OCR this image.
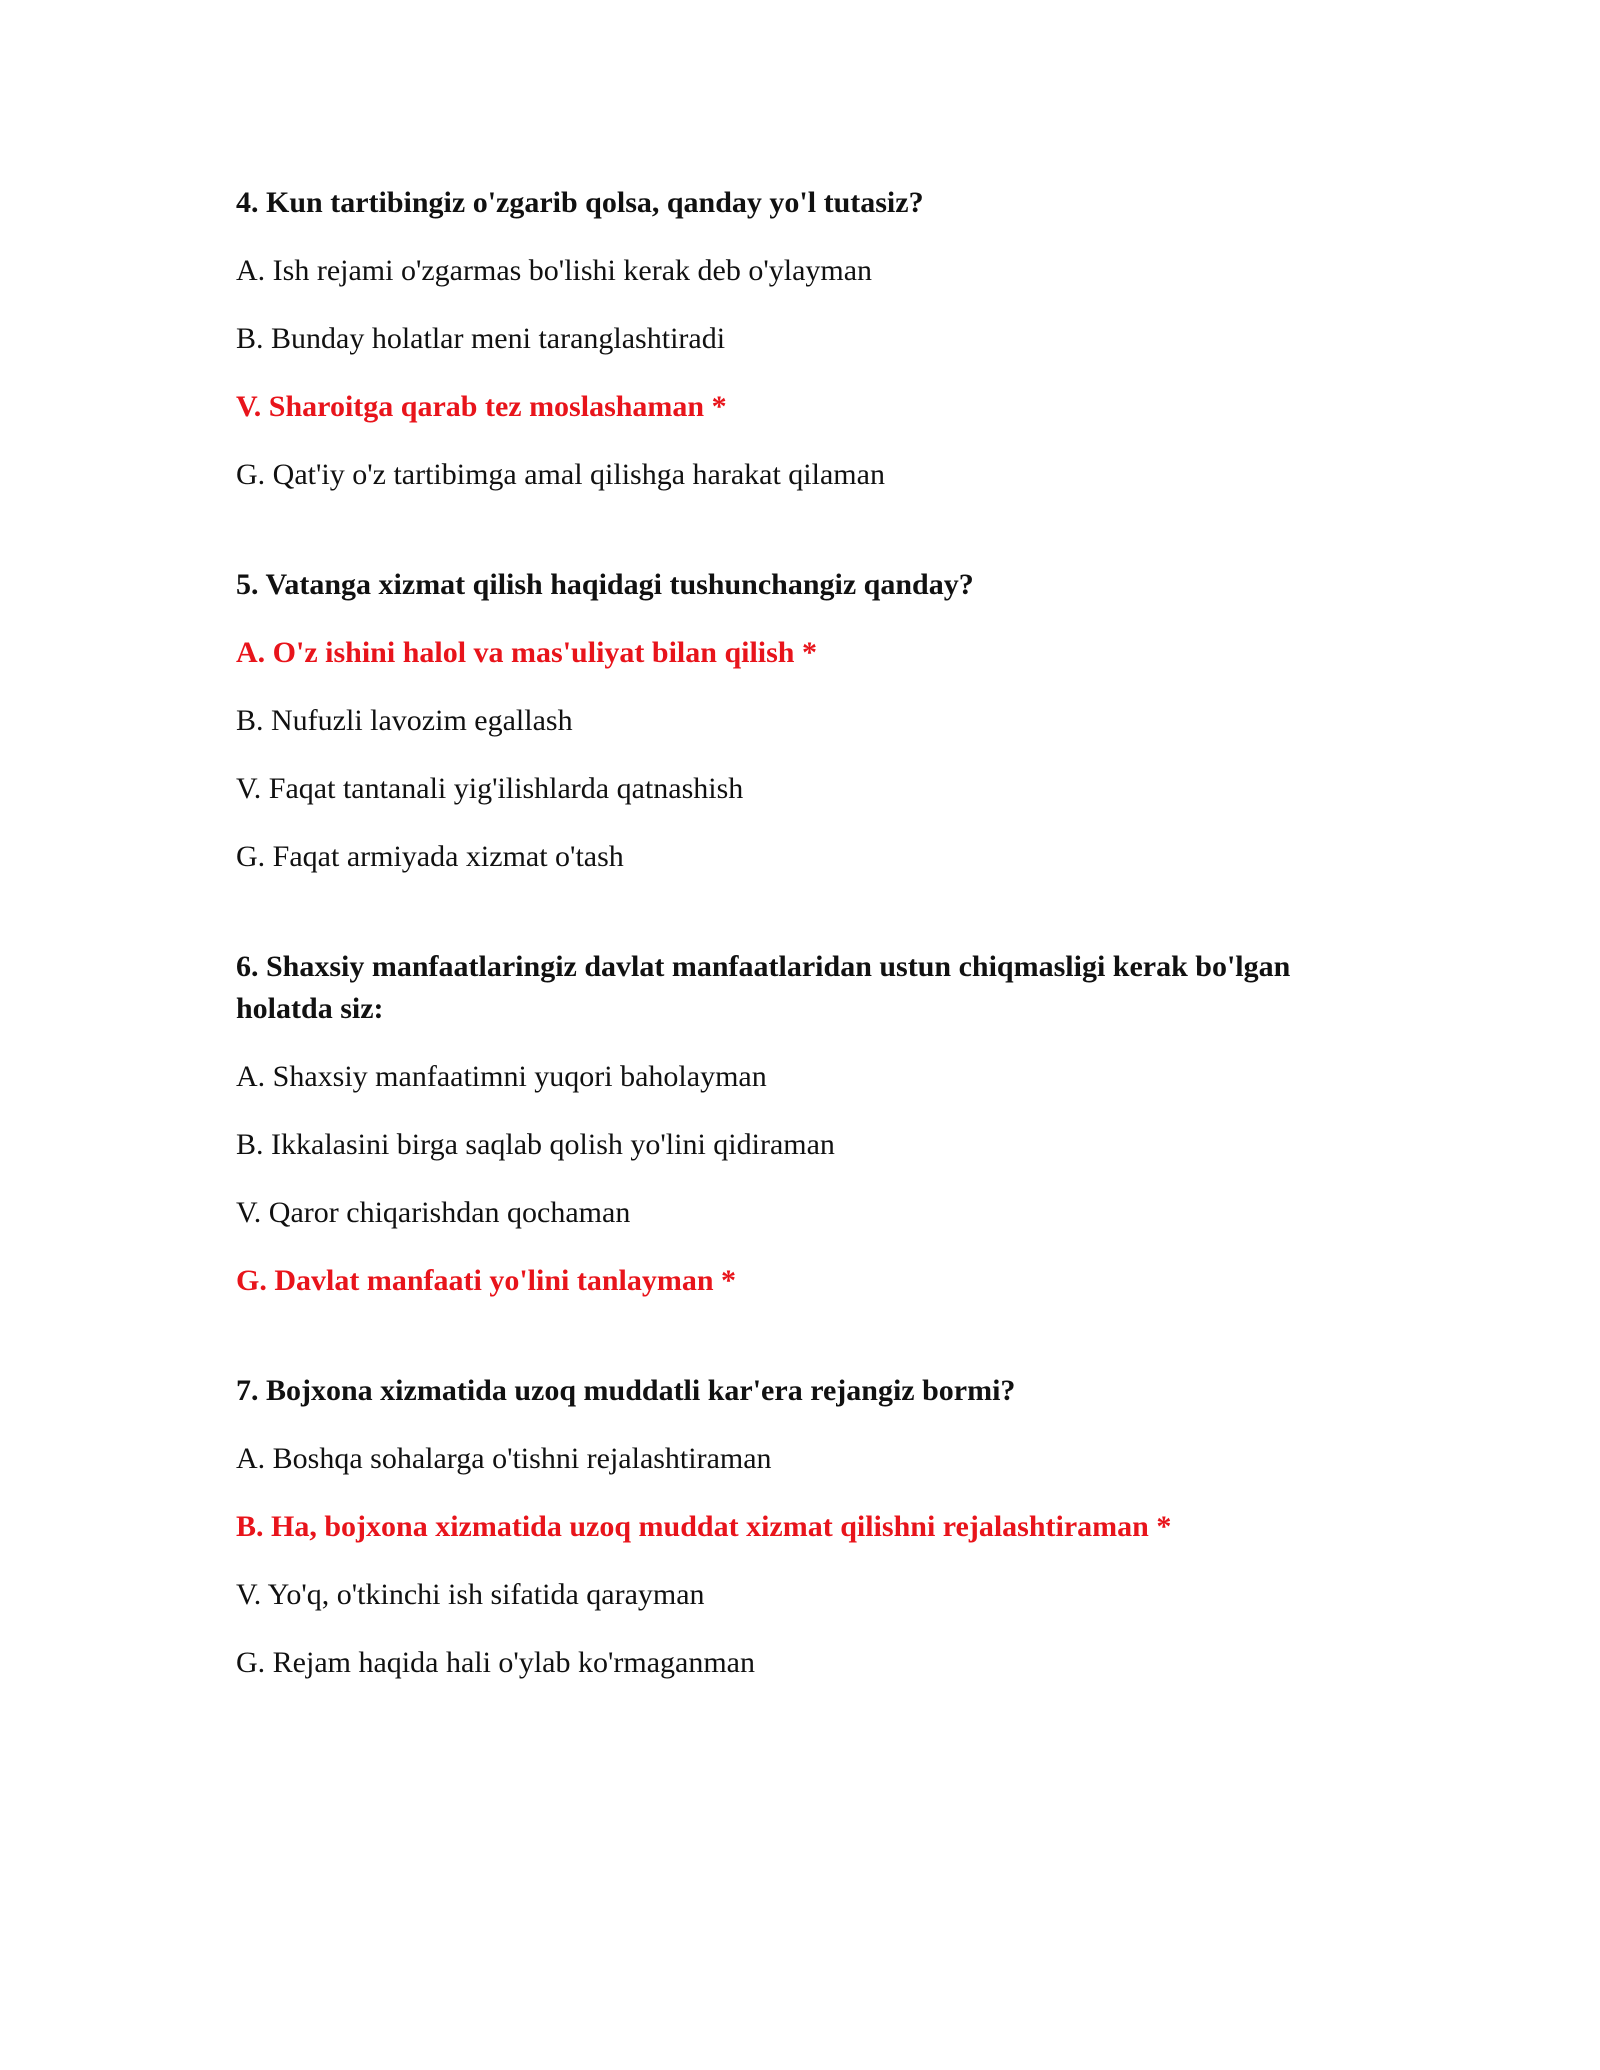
4. Kun tartibingiz o'zgarib qolsa, qanday yo'l tutasiz?

A. Ish rejami o'zgarmas bo'lishi kerak deb o'ylayman
B. Bunday holatlar meni taranglashtiradi
V. Sharoitga qarab tez moslashaman *
G. Qat'iy o'z tartibimga amal qilishga harakat qilaman

5. Vatanga xizmat qilish haqidagi tushunchangiz qanday?

A. O'z ishini halol va mas'uliyat bilan qilish *
B. Nufuzli lavozim egallash
V. Faqat tantanali yig'ilishlarda qatnashish
G. Faqat armiyada xizmat o'tash

6. Shaxsiy manfaatlaringiz davlat manfaatlaridan ustun chiqmasligi kerak bo'lgan holatda siz:

A. Shaxsiy manfaatimni yuqori baholayman
B. Ikkalasini birga saqlab qolish yo'lini qidiraman
V. Qaror chiqarishdan qochaman
G. Davlat manfaati yo'lini tanlayman *

7. Bojxona xizmatida uzoq muddatli kar'era rejangiz bormi?

A. Boshqa sohalarga o'tishni rejalashtiraman
B. Ha, bojxona xizmatida uzoq muddat xizmat qilishni rejalashtiraman *
V. Yo'q, o'tkinchi ish sifatida qarayman
G. Rejam haqida hali o'ylab ko'rmaganman
